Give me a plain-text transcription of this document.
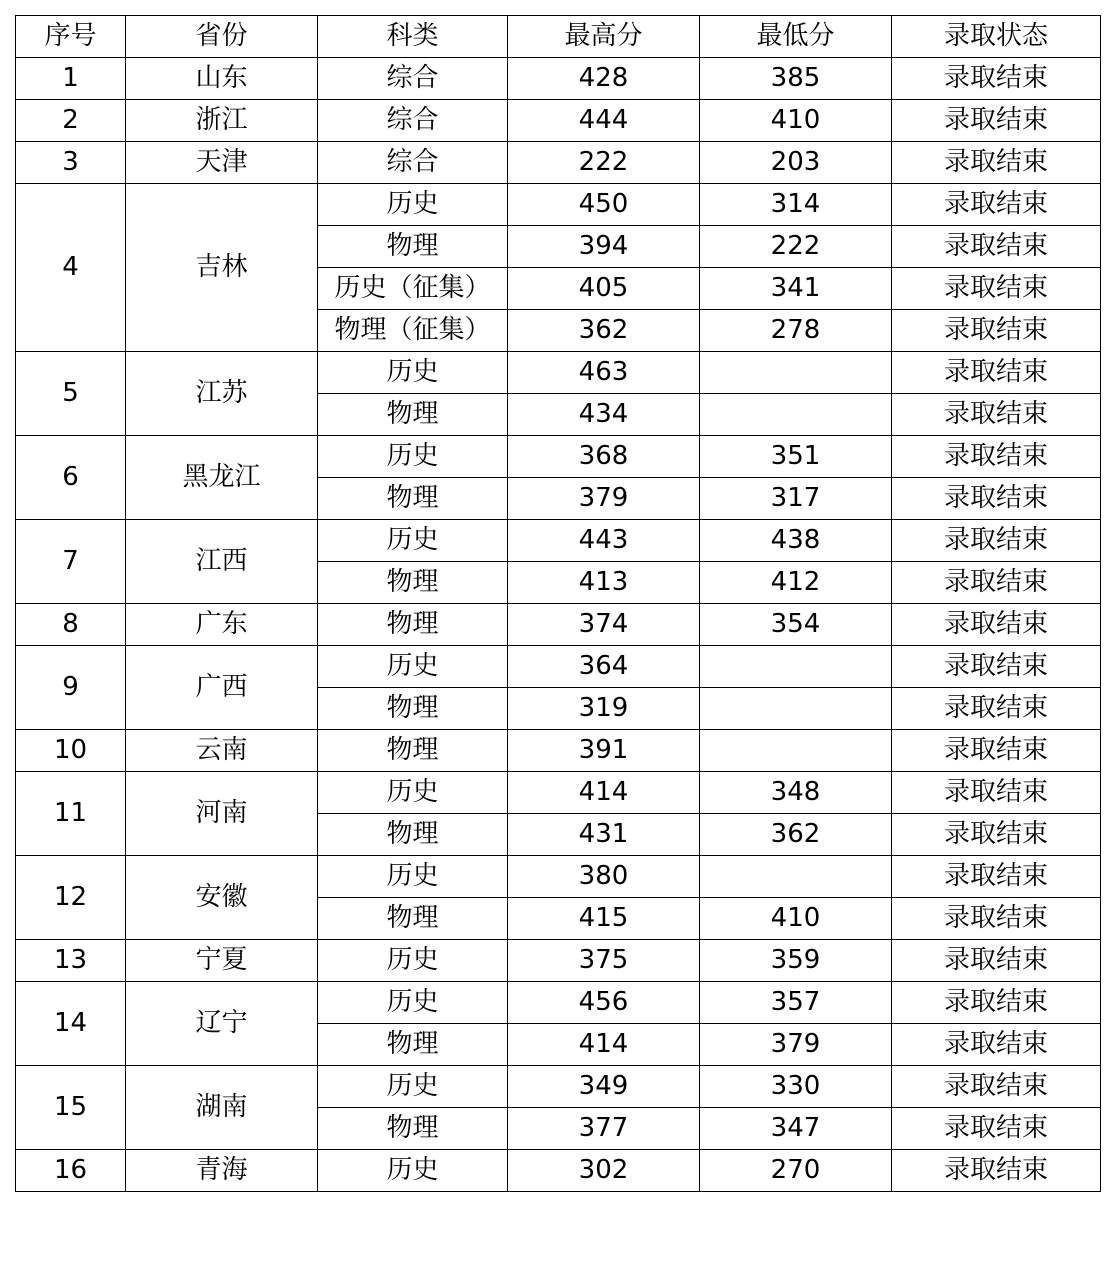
序号	省份	科类	最高分	最低分	录取状态
1	山东	综合	428	385	录取结束
2	浙江	综合	444	410	录取结束
3	天津	综合	222	203	录取结束
4	吉林	历史	450	314	录取结束
		物理	394	222	录取结束
		历史（征集）	405	341	录取结束
		物理（征集）	362	278	录取结束
5	江苏	历史	463		录取结束
		物理	434		录取结束
6	黑龙江	历史	368	351	录取结束
		物理	379	317	录取结束
7	江西	历史	443	438	录取结束
		物理	413	412	录取结束
8	广东	物理	374	354	录取结束
9	广西	历史	364		录取结束
		物理	319		录取结束
10	云南	物理	391		录取结束
11	河南	历史	414	348	录取结束
		物理	431	362	录取结束
12	安徽	历史	380		录取结束
		物理	415	410	录取结束
13	宁夏	历史	375	359	录取结束
14	辽宁	历史	456	357	录取结束
		物理	414	379	录取结束
15	湖南	历史	349	330	录取结束
		物理	377	347	录取结束
16	青海	历史	302	270	录取结束
